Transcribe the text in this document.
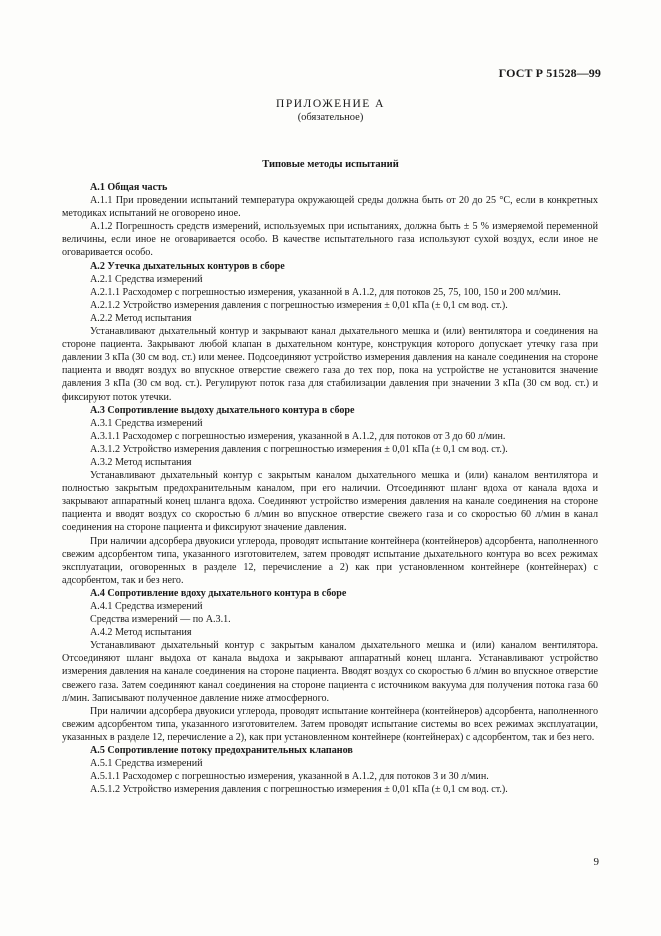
ГОСТ Р 51528—99
ПРИЛОЖЕНИЕ А
(обязательное)
Типовые методы испытаний

А.1 Общая часть

А.1.1 При проведении испытаний температура окружающей среды должна быть от 20 до 25 °С, если в конкретных методиках испытаний не оговорено иное.

А.1.2 Погрешность средств измерений, используемых при испытаниях, должна быть ± 5 % измеряемой переменной величины, если иное не оговаривается особо. В качестве испытательного газа используют сухой воздух, если иное не оговаривается особо.

А.2 Утечка дыхательных контуров в сборе

А.2.1 Средства измерений

А.2.1.1 Расходомер с погрешностью измерения, указанной в А.1.2, для потоков 25, 75, 100, 150 и 200 мл/мин.

А.2.1.2 Устройство измерения давления с погрешностью измерения ± 0,01 кПа (± 0,1 см вод. ст.).

А.2.2 Метод испытания

Устанавливают дыхательный контур и закрывают канал дыхательного мешка и (или) вентилятора и соединения на стороне пациента. Закрывают любой клапан в дыхательном контуре, конструкция которого допускает утечку газа при давлении 3 кПа (30 см вод. ст.) или менее. Подсоединяют устройство измерения давления на канале соединения на стороне пациента и вводят воздух во впускное отверстие свежего газа до тех пор, пока на устройстве не установится значение давления 3 кПа (30 см вод. ст.). Регулируют поток газа для стабилизации давления при значении 3 кПа (30 см вод. ст.) и фиксируют поток утечки.

А.3 Сопротивление выдоху дыхательного контура в сборе

А.3.1 Средства измерений

А.3.1.1 Расходомер с погрешностью измерения, указанной в А.1.2, для потоков от 3 до 60 л/мин.

А.3.1.2 Устройство измерения давления с погрешностью измерения ± 0,01 кПа (± 0,1 см вод. ст.).

А.3.2 Метод испытания

Устанавливают дыхательный контур с закрытым каналом дыхательного мешка и (или) каналом вентилятора и полностью закрытым предохранительным каналом, при его наличии. Отсоединяют шланг вдоха от канала вдоха и закрывают аппаратный конец шланга вдоха. Соединяют устройство измерения давления на канале соединения на стороне пациента и вводят воздух со скоростью 6 л/мин во впускное отверстие свежего газа и со скоростью 60 л/мин в канал соединения на стороне пациента и фиксируют значение давления.

При наличии адсорбера двуокиси углерода, проводят испытание контейнера (контейнеров) адсорбента, наполненного свежим адсорбентом типа, указанного изготовителем, затем проводят испытание дыхательного контура во всех режимах эксплуатации, оговоренных в разделе 12, перечисление а 2) как при установленном контейнере (контейнерах) с адсорбентом, так и без него.

А.4 Сопротивление вдоху дыхательного контура в сборе

А.4.1 Средства измерений

Средства измерений — по А.3.1.

А.4.2 Метод испытания

Устанавливают дыхательный контур с закрытым каналом дыхательного мешка и (или) каналом вентилятора. Отсоединяют шланг выдоха от канала выдоха и закрывают аппаратный конец шланга. Устанавливают устройство измерения давления на канале соединения на стороне пациента. Вводят воздух со скоростью 6 л/мин во впускное отверстие свежего газа. Затем соединяют канал соединения на стороне пациента с источником вакуума для получения потока газа 60 л/мин. Записывают полученное давление ниже атмосферного.

При наличии адсорбера двуокиси углерода, проводят испытание контейнера (контейнеров) адсорбента, наполненного свежим адсорбентом типа, указанного изготовителем. Затем проводят испытание системы во всех режимах эксплуатации, указанных в разделе 12, перечисление а 2), как при установленном контейнере (контейнерах) с адсорбентом, так и без него.

А.5 Сопротивление потоку предохранительных клапанов

А.5.1 Средства измерений

А.5.1.1 Расходомер с погрешностью измерения, указанной в А.1.2, для потоков 3 и 30 л/мин.

А.5.1.2 Устройство измерения давления с погрешностью измерения ± 0,01 кПа (± 0,1 см вод. ст.).

9
